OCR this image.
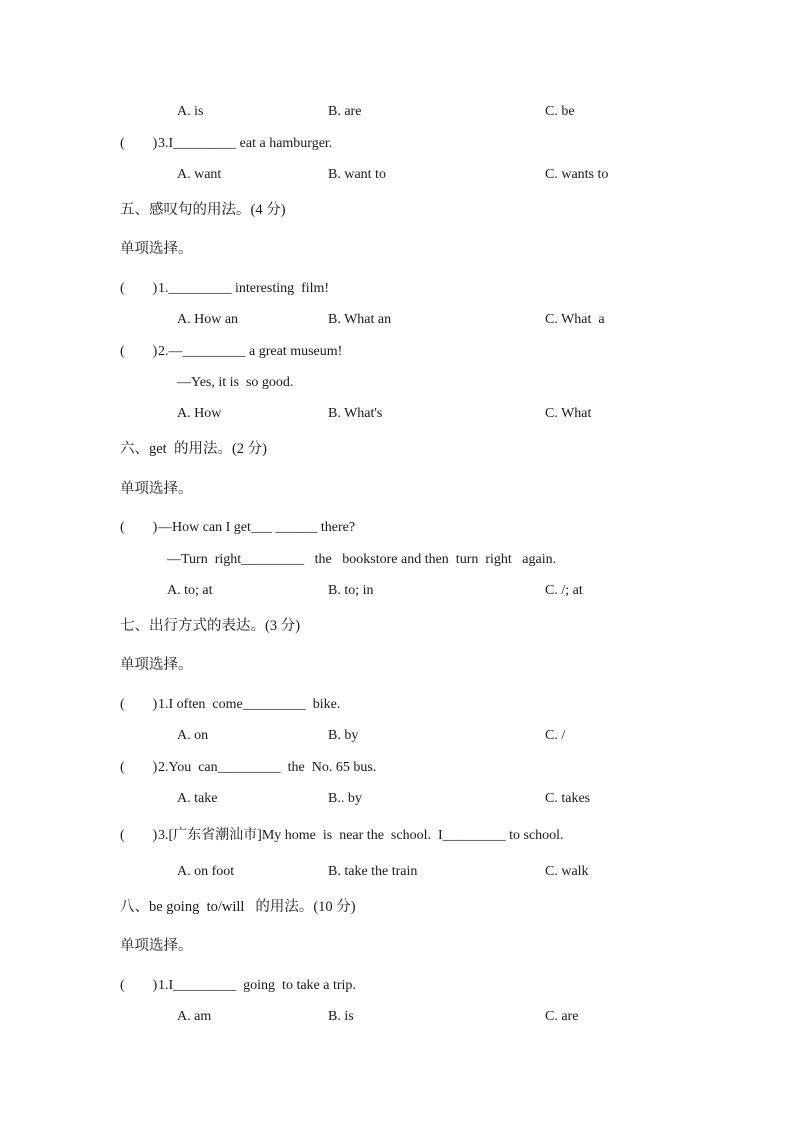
A. is	B. are	C. be
(        ) 3.I_________ eat a hamburger.
A. want	B. want to	C. wants to
五、感叹句的用法。(4 分)
单项选择。
(        ) 1._________ interesting  film!
A. How an	B. What an	C. What  a
(        ) 2.—_________ a great museum!
—Yes, it is  so good.
A. How	B. What's	C. What
六、get  的用法。(2 分)
单项选择。
(        ) —How can I get___ ______ there?
—Turn  right_________   the   bookstore and then  turn  right   again.
A. to; at	B. to; in	C. /; at
七、出行方式的表达。(3 分)
单项选择。
(        ) 1.I often  come_________  bike.
A. on	B. by	C. /
(        ) 2.You  can_________  the  No. 65 bus.
A. take	B.. by	C. takes
(        ) 3.[广东省潮汕市]My home  is  near the  school.  I_________ to school.
A. on foot	B. take the train	C. walk
八、be going  to/will   的用法。(10 分)
单项选择。
(        ) 1.I_________  going  to take a trip.
A. am	B. is	C. are
